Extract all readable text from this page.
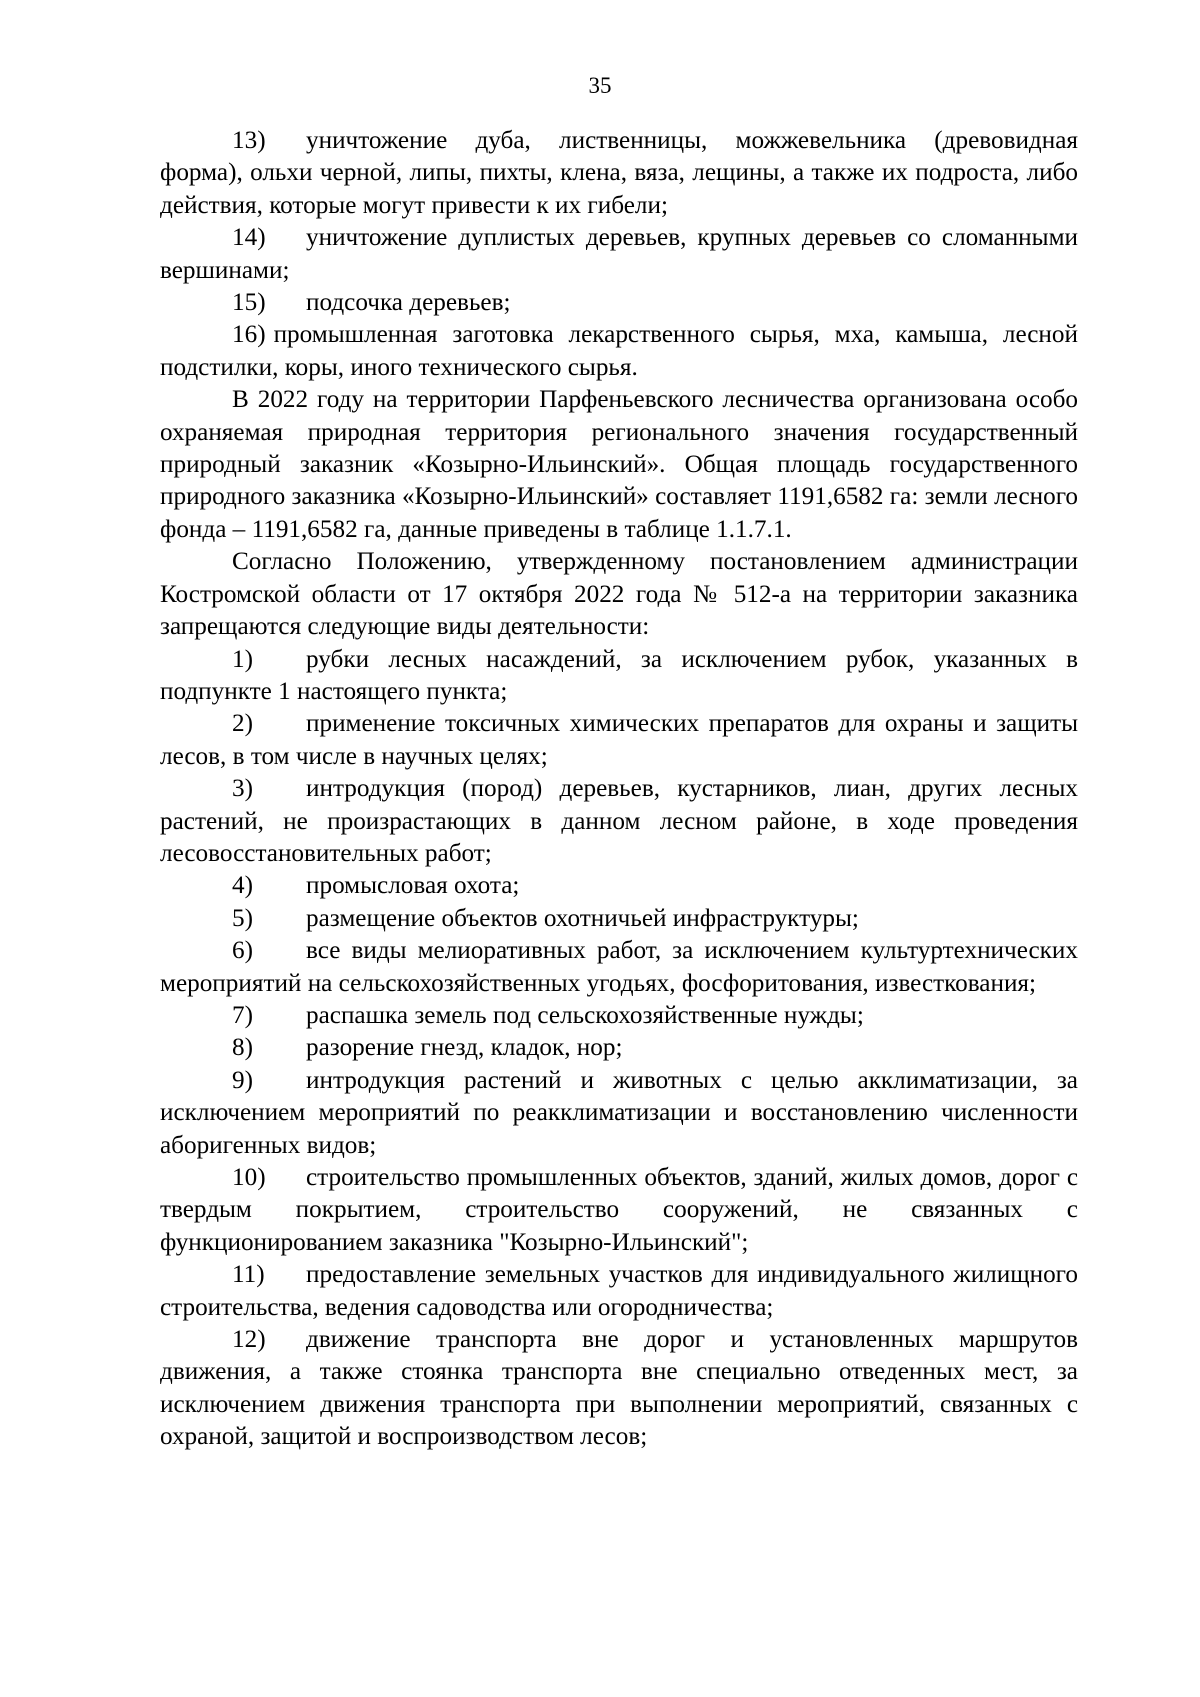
35

13) уничтожение дуба, лиственницы, можжевельника (древовидная форма), ольхи черной, липы, пихты, клена, вяза, лещины, а также их подроста, либо действия, которые могут привести к их гибели;

14) уничтожение дуплистых деревьев, крупных деревьев со сломанными вершинами;

15) подсочка деревьев;

16) промышленная заготовка лекарственного сырья, мха, камыша, лесной подстилки, коры, иного технического сырья.

В 2022 году на территории Парфеньевского лесничества организована особо охраняемая природная территория регионального значения государственный природный заказник «Козырно-Ильинский». Общая площадь государственного природного заказника «Козырно-Ильинский» составляет 1191,6582 га: земли лесного фонда – 1191,6582 га, данные приведены в таблице 1.1.7.1.

Согласно Положению, утвержденному постановлением администрации Костромской области от 17 октября 2022 года № 512-а на территории заказника запрещаются следующие виды деятельности:

1) рубки лесных насаждений, за исключением рубок, указанных в подпункте 1 настоящего пункта;

2) применение токсичных химических препаратов для охраны и защиты лесов, в том числе в научных целях;

3) интродукция (пород) деревьев, кустарников, лиан, других лесных растений, не произрастающих в данном лесном районе, в ходе проведения лесовосстановительных работ;

4) промысловая охота;

5) размещение объектов охотничьей инфраструктуры;

6) все виды мелиоративных работ, за исключением культуртехнических мероприятий на сельскохозяйственных угодьях, фосфоритования, известкования;

7) распашка земель под сельскохозяйственные нужды;

8) разорение гнезд, кладок, нор;

9) интродукция растений и животных с целью акклиматизации, за исключением мероприятий по реакклиматизации и восстановлению численности аборигенных видов;

10) строительство промышленных объектов, зданий, жилых домов, дорог с твердым покрытием, строительство сооружений, не связанных с функционированием заказника "Козырно-Ильинский";

11) предоставление земельных участков для индивидуального жилищного строительства, ведения садоводства или огородничества;

12) движение транспорта вне дорог и установленных маршрутов движения, а также стоянка транспорта вне специально отведенных мест, за исключением движения транспорта при выполнении мероприятий, связанных с охраной, защитой и воспроизводством лесов;
